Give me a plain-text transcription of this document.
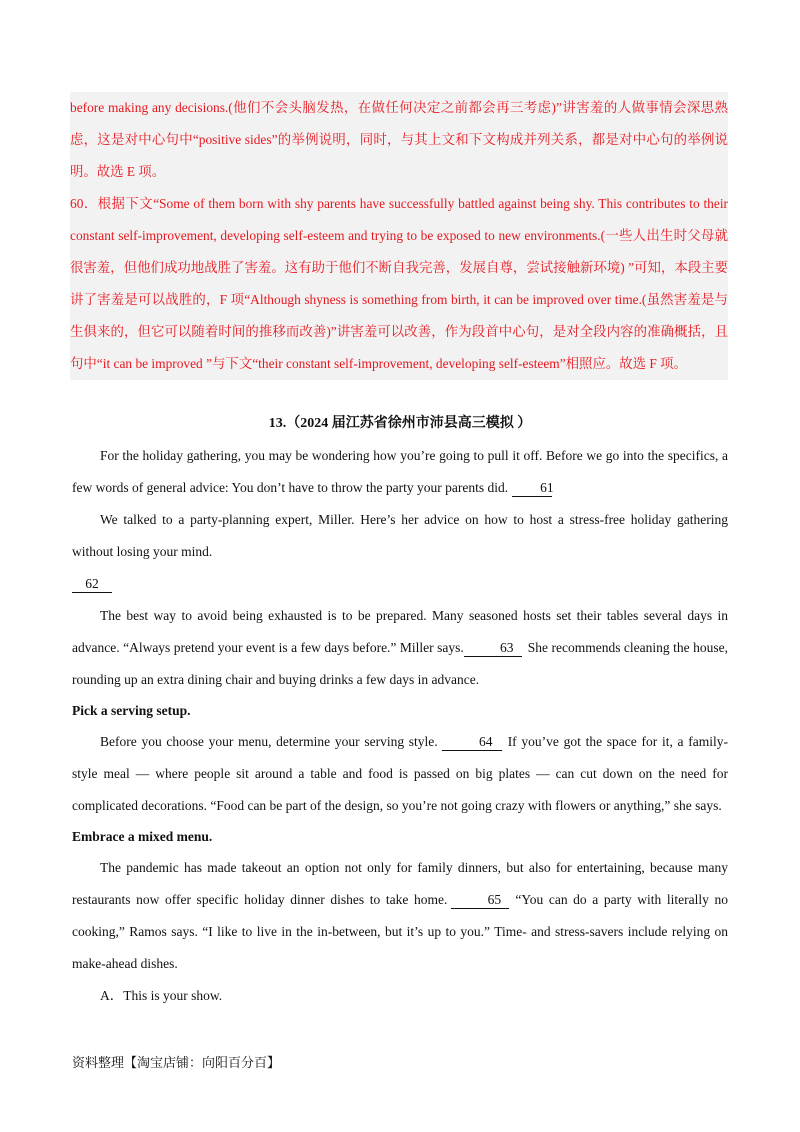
before making any decisions.(他们不会头脑发热，在做任何决定之前都会再三考虑)”讲害羞的人做事情会深思熟虑，这是对中心句中“positive sides”的举例说明，同时，与其上文和下文构成并列关系，都是对中心句的举例说明。故选 E 项。

60．根据下文“Some of them born with shy parents have successfully battled against being shy. This contributes to their constant self-improvement, developing self-esteem and trying to be exposed to new environments.(一些人出生时父母就很害羞，但他们成功地战胜了害羞。这有助于他们不断自我完善，发展自尊，尝试接触新环境) ”可知，本段主要讲了害羞是可以战胜的，F 项“Although shyness is something from birth, it can be improved over time.(虽然害羞是与生俱来的，但它可以随着时间的推移而改善)”讲害羞可以改善，作为段首中心句，是对全段内容的准确概括，且句中“it can be improved ”与下文“their constant self-improvement, developing self-esteem”相照应。故选 F 项。

13.（2024 届江苏省徐州市沛县高三模拟 ）

For the holiday gathering, you may be wondering how you’re going to pull it off. Before we go into the specifics, a few words of general advice: You don’t have to throw the party your parents did. 61

We talked to a party-planning expert, Miller. Here’s her advice on how to host a stress-free holiday gathering without losing your mind.

62

The best way to avoid being exhausted is to be prepared. Many seasoned hosts set their tables several days in advance. “Always pretend your event is a few days before.” Miller says.	63 She recommends cleaning the house, rounding up an extra dining chair and buying drinks a few days in advance.

Pick a serving setup.

Before you choose your menu, determine your serving style.	64 If you’ve got the space for it, a family-style meal — where people sit around a table and food is passed on big plates — can cut down on the need for complicated decorations. “Food can be part of the design, so you’re not going crazy with flowers or anything,” she says.

Embrace a mixed menu.

The pandemic has made takeout an option not only for family dinners, but also for entertaining, because many restaurants now offer specific holiday dinner dishes to take home.	65 “You can do a party with literally no cooking,” Ramos says. “I like to live in the in-between, but it’s up to you.” Time- and stress-savers include relying on make-ahead dishes.

A．This is your show.

资料整理【淘宝店铺：向阳百分百】
